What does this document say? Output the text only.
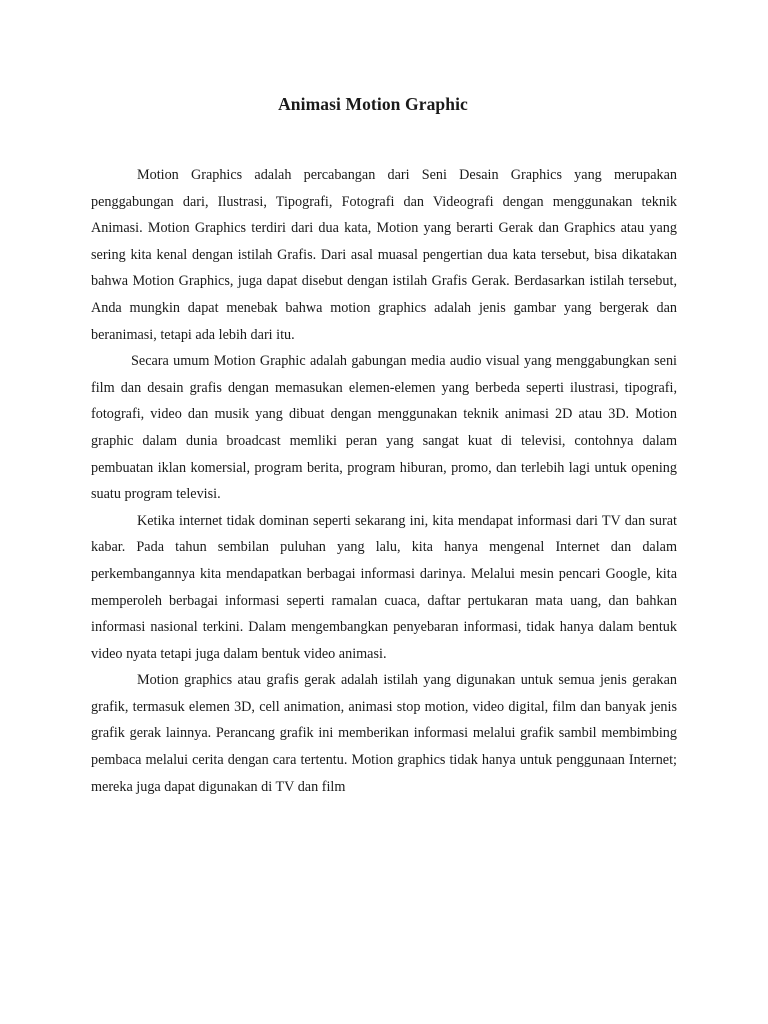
Animasi Motion Graphic

Motion Graphics adalah percabangan dari Seni Desain Graphics yang merupakan penggabungan dari, Ilustrasi, Tipografi, Fotografi dan Videografi dengan menggunakan teknik Animasi. Motion Graphics terdiri dari dua kata, Motion yang berarti Gerak dan Graphics atau yang sering kita kenal dengan istilah Grafis. Dari asal muasal pengertian dua kata tersebut, bisa dikatakan bahwa Motion Graphics, juga dapat disebut dengan istilah Grafis Gerak. Berdasarkan istilah tersebut, Anda mungkin dapat menebak bahwa motion graphics adalah jenis gambar yang bergerak dan beranimasi, tetapi ada lebih dari itu.

Secara umum Motion Graphic adalah gabungan media audio visual yang menggabungkan seni film dan desain grafis dengan memasukan elemen-elemen yang berbeda seperti ilustrasi, tipografi, fotografi, video dan musik yang dibuat dengan menggunakan teknik animasi 2D atau 3D. Motion graphic dalam dunia broadcast memliki peran yang sangat kuat di televisi, contohnya dalam pembuatan iklan komersial, program berita, program hiburan, promo, dan terlebih lagi untuk opening suatu program televisi.

Ketika internet tidak dominan seperti sekarang ini, kita mendapat informasi dari TV dan surat kabar. Pada tahun sembilan puluhan yang lalu, kita hanya mengenal Internet dan dalam perkembangannya kita mendapatkan berbagai informasi darinya. Melalui mesin pencari Google, kita memperoleh berbagai informasi seperti ramalan cuaca, daftar pertukaran mata uang, dan bahkan informasi nasional terkini. Dalam mengembangkan penyebaran informasi, tidak hanya dalam bentuk video nyata tetapi juga dalam bentuk video animasi.

Motion graphics atau grafis gerak adalah istilah yang digunakan untuk semua jenis gerakan grafik, termasuk elemen 3D, cell animation, animasi stop motion, video digital, film dan banyak jenis grafik gerak lainnya. Perancang grafik ini memberikan informasi melalui grafik sambil membimbing pembaca melalui cerita dengan cara tertentu. Motion graphics tidak hanya untuk penggunaan Internet; mereka juga dapat digunakan di TV dan film
